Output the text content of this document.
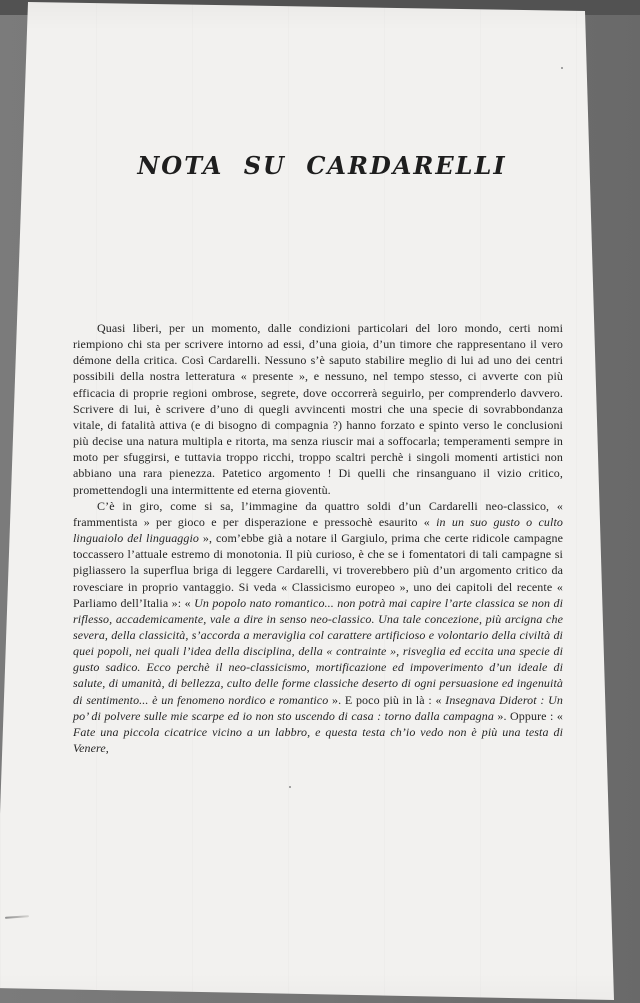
NOTA SU CARDARELLI

Quasi liberi, per un momento, dalle condizioni particolari del loro mondo, certi nomi riempiono chi sta per scrivere intorno ad essi, d’una gioia, d’un timore che rappresentano il vero démone della critica. Così Cardarelli. Nessuno s’è saputo stabilire meglio di lui ad uno dei centri possibili della nostra letteratura « presente », e nessuno, nel tempo stesso, ci avverte con più efficacia di proprie regioni ombrose, segrete, dove occorrerà seguirlo, per comprenderlo davvero. Scrivere di lui, è scrivere d’uno di quegli avvincenti mostri che una specie di sovrabbondanza vitale, di fatalità attiva (e di bisogno di compagnia ?) hanno forzato e spinto verso le conclusioni più decise una natura multipla e ritorta, ma senza riuscir mai a soffocarla; temperamenti sempre in moto per sfuggirsi, e tuttavia troppo ricchi, troppo scaltri perchè i singoli momenti artistici non abbiano una rara pienezza. Patetico argomento ! Di quelli che rinsanguano il vizio critico, promettendogli una intermittente ed eterna gioventù.

C’è in giro, come si sa, l’immagine da quattro soldi d’un Cardarelli neo-classico, « frammentista » per gioco e per disperazione e pressochè esaurito « in un suo gusto o culto linguaiolo del linguaggio », com’ebbe già a notare il Gargiulo, prima che certe ridicole campagne toccassero l’attuale estremo di monotonia. Il più curioso, è che se i fomentatori di tali campagne si pigliassero la superflua briga di leggere Cardarelli, vi troverebbero più d’un argomento critico da rovesciare in proprio vantaggio. Si veda « Classicismo europeo », uno dei capitoli del recente « Parliamo dell’Italia »: « Un popolo nato romantico... non potrà mai capire l’arte classica se non di riflesso, accademicamente, vale a dire in senso neo-classico. Una tale concezione, più arcigna che severa, della classicità, s’accorda a meraviglia col carattere artificioso e volontario della civiltà di quei popoli, nei quali l’idea della disciplina, della « contrainte », risveglia ed eccita una specie di gusto sadico. Ecco perchè il neo-classicismo, mortificazione ed impoverimento d’un ideale di salute, di umanità, di bellezza, culto delle forme classiche deserto di ogni persuasione ed ingenuità di sentimento... è un fenomeno nordico e romantico ». E poco più in là : « Insegnava Diderot : Un po’ di polvere sulle mie scarpe ed io non sto uscendo di casa : torno dalla campagna ». Oppure : « Fate una piccola cicatrice vicino a un labbro, e questa testa ch’io vedo non è più una testa di Venere,
